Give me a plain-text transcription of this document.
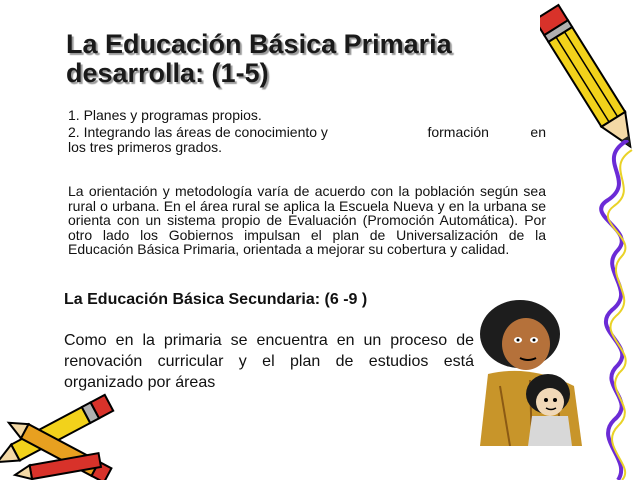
La Educación Básica Primaria
desarrolla: (1-5)

1. Planes y programas propios.

2. Integrando las áreas de conocimiento y	formación	en

los tres primeros grados.

La orientación y metodología varía de acuerdo con la población según sea rural o urbana. En el área rural se aplica la Escuela Nueva y en la urbana se orienta con un sistema propio de Evaluación (Promoción Automática). Por otro lado los Gobiernos impulsan el plan de Universalización de la Educación Básica Primaria, orientada a mejorar su cobertura y calidad.

La Educación Básica Secundaria: (6 -9 )

Como en la primaria se encuentra en un proceso de renovación curricular y el plan de estudios está organizado por áreas
